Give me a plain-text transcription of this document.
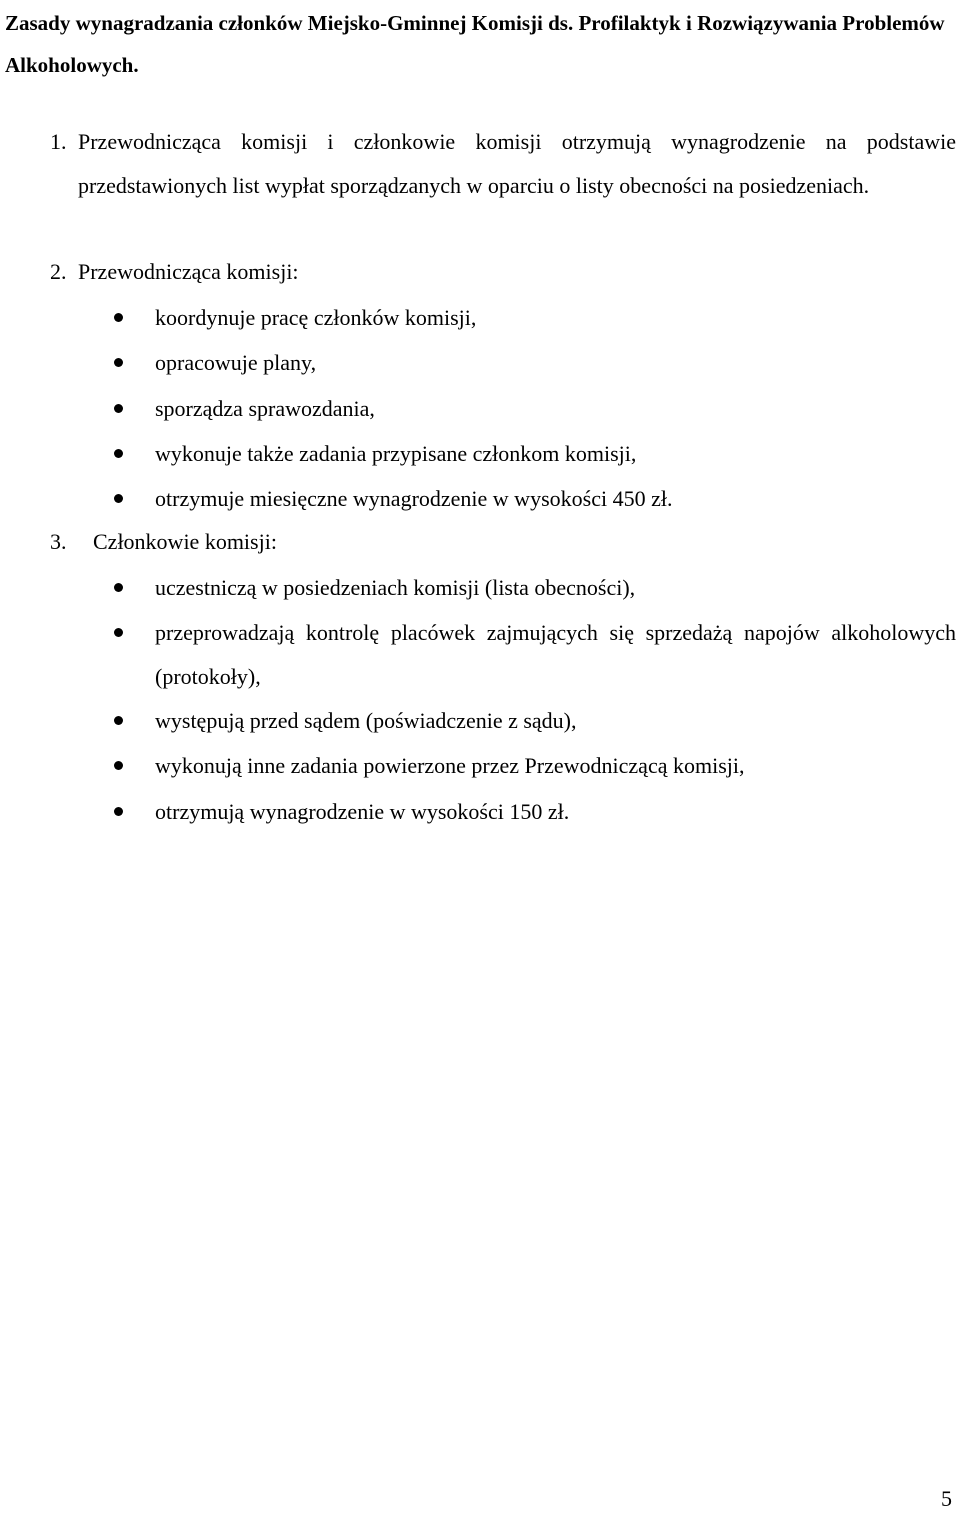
Zasady wynagradzania członków Miejsko-Gminnej Komisji ds. Profilaktyk i Rozwiązywania Problemów Alkoholowych.
1. Przewodnicząca komisji i członkowie komisji otrzymują wynagrodzenie na podstawie przedstawionych list wypłat sporządzanych w oparciu o listy obecności na posiedzeniach.
2. Przewodnicząca komisji:
koordynuje pracę członków komisji,
opracowuje plany,
sporządza sprawozdania,
wykonuje także zadania przypisane członkom komisji,
otrzymuje miesięczne wynagrodzenie w wysokości 450 zł.
3. Członkowie komisji:
uczestniczą w posiedzeniach komisji (lista obecności),
przeprowadzają kontrolę placówek zajmujących się sprzedażą napojów alkoholowych (protokoły),
występują przed sądem (poświadczenie z sądu),
wykonują inne zadania powierzone przez Przewodniczącą komisji,
otrzymują wynagrodzenie w wysokości 150 zł.
5
